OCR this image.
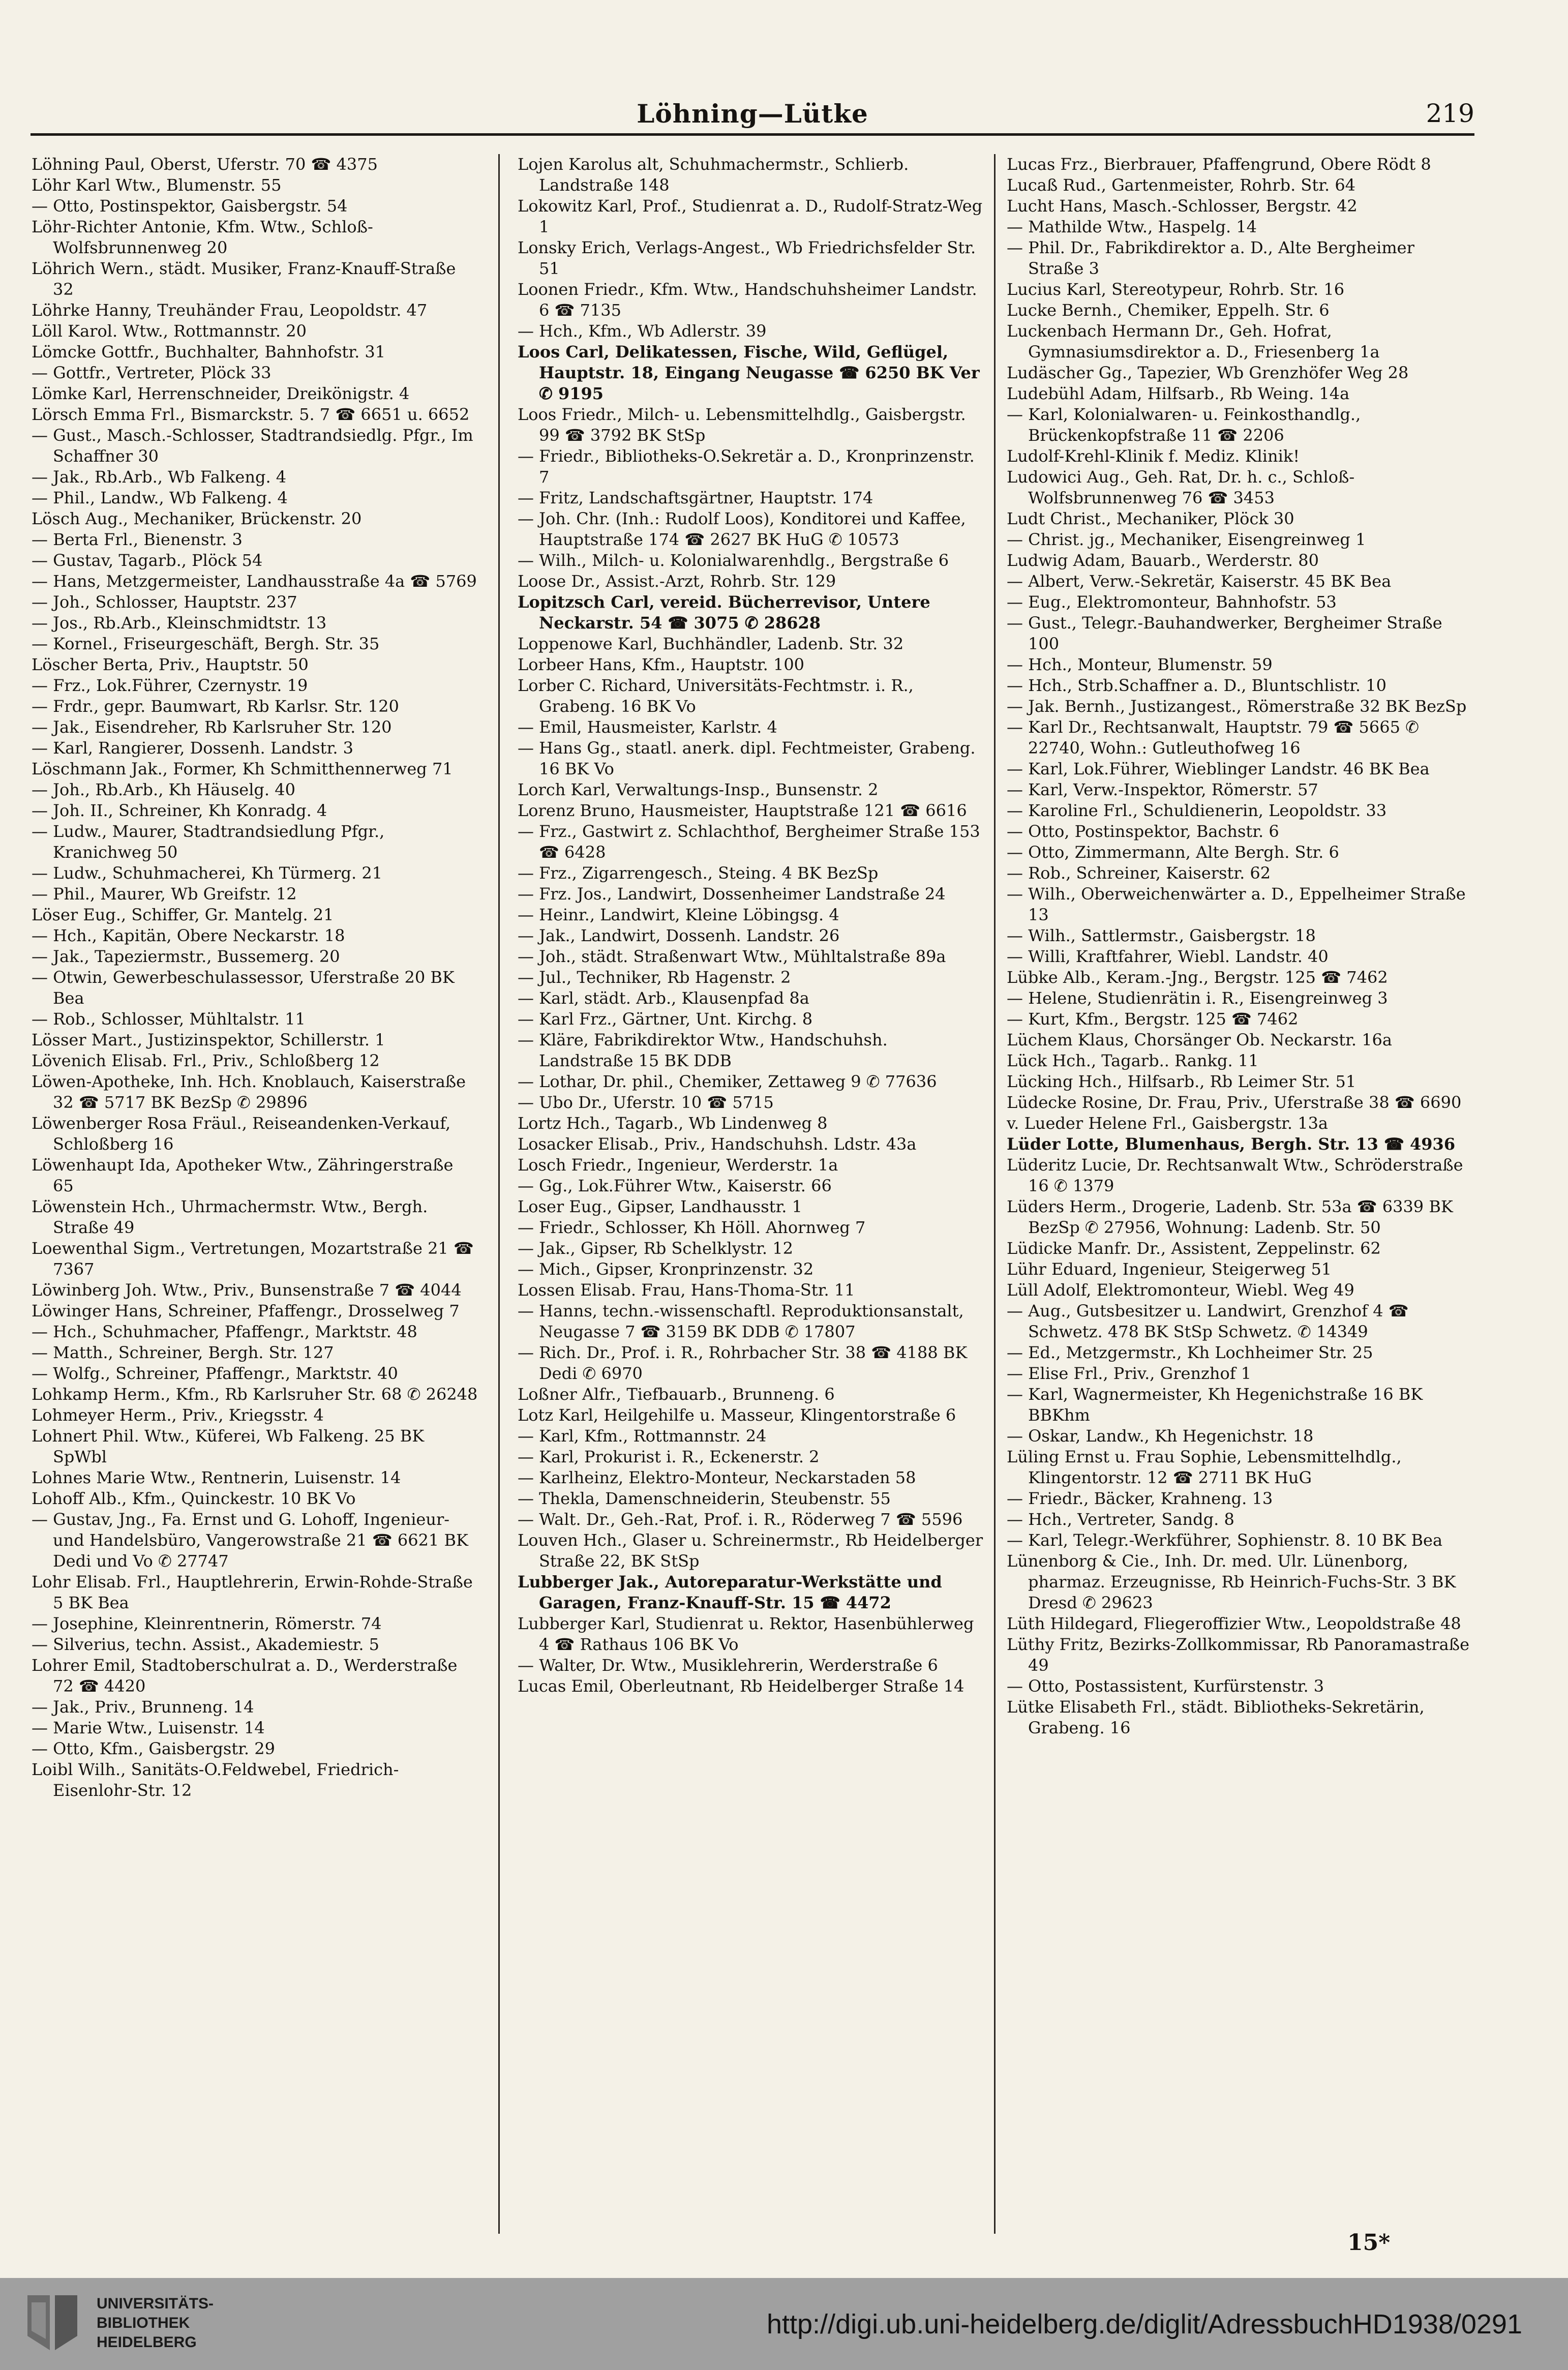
Löhning—Lütke	219

Löhning Paul, Oberst, Uferstr. 70 ☎ 4375

Löhr Karl Wtw., Blumenstr. 55

— Otto, Postinspektor, Gaisbergstr. 54

Löhr-Richter Antonie, Kfm. Wtw., Schloß-Wolfsbrunnenweg 20

Löhrich Wern., städt. Musiker, Franz-Knauff-Straße 32

Löhrke Hanny, Treuhänder Frau, Leopoldstr. 47

Löll Karol. Wtw., Rottmannstr. 20

Lömcke Gottfr., Buchhalter, Bahnhofstr. 31

— Gottfr., Vertreter, Plöck 33

Lömke Karl, Herrenschneider, Dreikönigstr. 4

Lörsch Emma Frl., Bismarckstr. 5. 7 ☎ 6651 u. 6652

— Gust., Masch.-Schlosser, Stadtrandsiedlg. Pfgr., Im Schaffner 30

— Jak., Rb.Arb., Wb Falkeng. 4

— Phil., Landw., Wb Falkeng. 4

Lösch Aug., Mechaniker, Brückenstr. 20

— Berta Frl., Bienenstr. 3

— Gustav, Tagarb., Plöck 54

— Hans, Metzgermeister, Landhausstraße 4a ☎ 5769

— Joh., Schlosser, Hauptstr. 237

— Jos., Rb.Arb., Kleinschmidtstr. 13

— Kornel., Friseurgeschäft, Bergh. Str. 35

Löscher Berta, Priv., Hauptstr. 50

— Frz., Lok.Führer, Czernystr. 19

— Frdr., gepr. Baumwart, Rb Karlsr. Str. 120

— Jak., Eisendreher, Rb Karlsruher Str. 120

— Karl, Rangierer, Dossenh. Landstr. 3

Löschmann Jak., Former, Kh Schmitthennerweg 71

— Joh., Rb.Arb., Kh Häuselg. 40

— Joh. II., Schreiner, Kh Konradg. 4

— Ludw., Maurer, Stadtrandsiedlung Pfgr., Kranichweg 50

— Ludw., Schuhmacherei, Kh Türmerg. 21

— Phil., Maurer, Wb Greifstr. 12

Löser Eug., Schiffer, Gr. Mantelg. 21

— Hch., Kapitän, Obere Neckarstr. 18

— Jak., Tapeziermstr., Bussemerg. 20

— Otwin, Gewerbeschulassessor, Uferstraße 20 BK Bea

— Rob., Schlosser, Mühltalstr. 11

Lösser Mart., Justizinspektor, Schillerstr. 1

Lövenich Elisab. Frl., Priv., Schloßberg 12

Löwen-Apotheke, Inh. Hch. Knoblauch, Kaiserstraße 32 ☎ 5717 BK BezSp ✆ 29896

Löwenberger Rosa Fräul., Reiseandenken-Verkauf, Schloßberg 16

Löwenhaupt Ida, Apotheker Wtw., Zähringerstraße 65

Löwenstein Hch., Uhrmachermstr. Wtw., Bergh. Straße 49

Loewenthal Sigm., Vertretungen, Mozartstraße 21 ☎ 7367

Löwinberg Joh. Wtw., Priv., Bunsenstraße 7 ☎ 4044

Löwinger Hans, Schreiner, Pfaffengr., Drosselweg 7

— Hch., Schuhmacher, Pfaffengr., Marktstr. 48

— Matth., Schreiner, Bergh. Str. 127

— Wolfg., Schreiner, Pfaffengr., Marktstr. 40

Lohkamp Herm., Kfm., Rb Karlsruher Str. 68 ✆ 26248

Lohmeyer Herm., Priv., Kriegsstr. 4

Lohnert Phil. Wtw., Küferei, Wb Falkeng. 25 BK SpWbl

Lohnes Marie Wtw., Rentnerin, Luisenstr. 14

Lohoff Alb., Kfm., Quinckestr. 10 BK Vo

— Gustav, Jng., Fa. Ernst und G. Lohoff, Ingenieur- und Handelsbüro, Vangerowstraße 21 ☎ 6621 BK Dedi und Vo ✆ 27747

Lohr Elisab. Frl., Hauptlehrerin, Erwin-Rohde-Straße 5 BK Bea

— Josephine, Kleinrentnerin, Römerstr. 74

— Silverius, techn. Assist., Akademiestr. 5

Lohrer Emil, Stadtoberschulrat a. D., Werderstraße 72 ☎ 4420

— Jak., Priv., Brunneng. 14

— Marie Wtw., Luisenstr. 14

— Otto, Kfm., Gaisbergstr. 29

Loibl Wilh., Sanitäts-O.Feldwebel, Friedrich-Eisenlohr-Str. 12

Lojen Karolus alt, Schuhmachermstr., Schlierb. Landstraße 148

Lokowitz Karl, Prof., Studienrat a. D., Rudolf-Stratz-Weg 1

Lonsky Erich, Verlags-Angest., Wb Friedrichsfelder Str. 51

Loonen Friedr., Kfm. Wtw., Handschuhsheimer Landstr. 6 ☎ 7135

— Hch., Kfm., Wb Adlerstr. 39

Loos Carl, Delikatessen, Fische, Wild, Geflügel, Hauptstr. 18, Eingang Neugasse ☎ 6250 BK Ver ✆ 9195

Loos Friedr., Milch- u. Lebensmittelhdlg., Gaisbergstr. 99 ☎ 3792 BK StSp

— Friedr., Bibliotheks-O.Sekretär a. D., Kronprinzenstr. 7

— Fritz, Landschaftsgärtner, Hauptstr. 174

— Joh. Chr. (Inh.: Rudolf Loos), Konditorei und Kaffee, Hauptstraße 174 ☎ 2627 BK HuG ✆ 10573

— Wilh., Milch- u. Kolonialwarenhdlg., Bergstraße 6

Loose Dr., Assist.-Arzt, Rohrb. Str. 129

Lopitzsch Carl, vereid. Bücherrevisor, Untere Neckarstr. 54 ☎ 3075 ✆ 28628

Loppenowe Karl, Buchhändler, Ladenb. Str. 32

Lorbeer Hans, Kfm., Hauptstr. 100

Lorber C. Richard, Universitäts-Fechtmstr. i. R., Grabeng. 16 BK Vo

— Emil, Hausmeister, Karlstr. 4

— Hans Gg., staatl. anerk. dipl. Fechtmeister, Grabeng. 16 BK Vo

Lorch Karl, Verwaltungs-Insp., Bunsenstr. 2

Lorenz Bruno, Hausmeister, Hauptstraße 121 ☎ 6616

— Frz., Gastwirt z. Schlachthof, Bergheimer Straße 153 ☎ 6428

— Frz., Zigarrengesch., Steing. 4 BK BezSp

— Frz. Jos., Landwirt, Dossenheimer Landstraße 24

— Heinr., Landwirt, Kleine Löbingsg. 4

— Jak., Landwirt, Dossenh. Landstr. 26

— Joh., städt. Straßenwart Wtw., Mühltalstraße 89a

— Jul., Techniker, Rb Hagenstr. 2

— Karl, städt. Arb., Klausenpfad 8a

— Karl Frz., Gärtner, Unt. Kirchg. 8

— Kläre, Fabrikdirektor Wtw., Handschuhsh. Landstraße 15 BK DDB

— Lothar, Dr. phil., Chemiker, Zettaweg 9 ✆ 77636

— Ubo Dr., Uferstr. 10 ☎ 5715

Lortz Hch., Tagarb., Wb Lindenweg 8

Losacker Elisab., Priv., Handschuhsh. Ldstr. 43a

Losch Friedr., Ingenieur, Werderstr. 1a

— Gg., Lok.Führer Wtw., Kaiserstr. 66

Loser Eug., Gipser, Landhausstr. 1

— Friedr., Schlosser, Kh Höll. Ahornweg 7

— Jak., Gipser, Rb Schelklystr. 12

— Mich., Gipser, Kronprinzenstr. 32

Lossen Elisab. Frau, Hans-Thoma-Str. 11

— Hanns, techn.-wissenschaftl. Reproduktionsanstalt, Neugasse 7 ☎ 3159 BK DDB ✆ 17807

— Rich. Dr., Prof. i. R., Rohrbacher Str. 38 ☎ 4188 BK Dedi ✆ 6970

Loßner Alfr., Tiefbauarb., Brunneng. 6

Lotz Karl, Heilgehilfe u. Masseur, Klingentorstraße 6

— Karl, Kfm., Rottmannstr. 24

— Karl, Prokurist i. R., Eckenerstr. 2

— Karlheinz, Elektro-Monteur, Neckarstaden 58

— Thekla, Damenschneiderin, Steubenstr. 55

— Walt. Dr., Geh.-Rat, Prof. i. R., Röderweg 7 ☎ 5596

Louven Hch., Glaser u. Schreinermstr., Rb Heidelberger Straße 22, BK StSp

Lubberger Jak., Autoreparatur-Werkstätte und Garagen, Franz-Knauff-Str. 15 ☎ 4472

Lubberger Karl, Studienrat u. Rektor, Hasenbühlerweg 4 ☎ Rathaus 106 BK Vo

— Walter, Dr. Wtw., Musiklehrerin, Werderstraße 6

Lucas Emil, Oberleutnant, Rb Heidelberger Straße 14

Lucas Frz., Bierbrauer, Pfaffengrund, Obere Rödt 8

Lucaß Rud., Gartenmeister, Rohrb. Str. 64

Lucht Hans, Masch.-Schlosser, Bergstr. 42

— Mathilde Wtw., Haspelg. 14

— Phil. Dr., Fabrikdirektor a. D., Alte Bergheimer Straße 3

Lucius Karl, Stereotypeur, Rohrb. Str. 16

Lucke Bernh., Chemiker, Eppelh. Str. 6

Luckenbach Hermann Dr., Geh. Hofrat, Gymnasiumsdirektor a. D., Friesenberg 1a

Ludäscher Gg., Tapezier, Wb Grenzhöfer Weg 28

Ludebühl Adam, Hilfsarb., Rb Weing. 14a

— Karl, Kolonialwaren- u. Feinkosthandlg., Brückenkopfstraße 11 ☎ 2206

Ludolf-Krehl-Klinik f. Mediz. Klinik!

Ludowici Aug., Geh. Rat, Dr. h. c., Schloß-Wolfsbrunnenweg 76 ☎ 3453

Ludt Christ., Mechaniker, Plöck 30

— Christ. jg., Mechaniker, Eisengreinweg 1

Ludwig Adam, Bauarb., Werderstr. 80

— Albert, Verw.-Sekretär, Kaiserstr. 45 BK Bea

— Eug., Elektromonteur, Bahnhofstr. 53

— Gust., Telegr.-Bauhandwerker, Bergheimer Straße 100

— Hch., Monteur, Blumenstr. 59

— Hch., Strb.Schaffner a. D., Bluntschlistr. 10

— Jak. Bernh., Justizangest., Römerstraße 32 BK BezSp

— Karl Dr., Rechtsanwalt, Hauptstr. 79 ☎ 5665 ✆ 22740, Wohn.: Gutleuthofweg 16

— Karl, Lok.Führer, Wieblinger Landstr. 46 BK Bea

— Karl, Verw.-Inspektor, Römerstr. 57

— Karoline Frl., Schuldienerin, Leopoldstr. 33

— Otto, Postinspektor, Bachstr. 6

— Otto, Zimmermann, Alte Bergh. Str. 6

— Rob., Schreiner, Kaiserstr. 62

— Wilh., Oberweichenwärter a. D., Eppelheimer Straße 13

— Wilh., Sattlermstr., Gaisbergstr. 18

— Willi, Kraftfahrer, Wiebl. Landstr. 40

Lübke Alb., Keram.-Jng., Bergstr. 125 ☎ 7462

— Helene, Studienrätin i. R., Eisengreinweg 3

— Kurt, Kfm., Bergstr. 125 ☎ 7462

Lüchem Klaus, Chorsänger Ob. Neckarstr. 16a

Lück Hch., Tagarb.. Rankg. 11

Lücking Hch., Hilfsarb., Rb Leimer Str. 51

Lüdecke Rosine, Dr. Frau, Priv., Uferstraße 38 ☎ 6690

v. Lueder Helene Frl., Gaisbergstr. 13a

Lüder Lotte, Blumenhaus, Bergh. Str. 13 ☎ 4936

Lüderitz Lucie, Dr. Rechtsanwalt Wtw., Schröderstraße 16 ✆ 1379

Lüders Herm., Drogerie, Ladenb. Str. 53a ☎ 6339 BK BezSp ✆ 27956, Wohnung: Ladenb. Str. 50

Lüdicke Manfr. Dr., Assistent, Zeppelinstr. 62

Lühr Eduard, Ingenieur, Steigerweg 51

Lüll Adolf, Elektromonteur, Wiebl. Weg 49

— Aug., Gutsbesitzer u. Landwirt, Grenzhof 4 ☎ Schwetz. 478 BK StSp Schwetz. ✆ 14349

— Ed., Metzgermstr., Kh Lochheimer Str. 25

— Elise Frl., Priv., Grenzhof 1

— Karl, Wagnermeister, Kh Hegenichstraße 16 BK BBKhm

— Oskar, Landw., Kh Hegenichstr. 18

Lüling Ernst u. Frau Sophie, Lebensmittelhdlg., Klingentorstr. 12 ☎ 2711 BK HuG

— Friedr., Bäcker, Krahneng. 13

— Hch., Vertreter, Sandg. 8

— Karl, Telegr.-Werkführer, Sophienstr. 8. 10 BK Bea

Lünenborg & Cie., Inh. Dr. med. Ulr. Lünenborg, pharmaz. Erzeugnisse, Rb Heinrich-Fuchs-Str. 3 BK Dresd ✆ 29623

Lüth Hildegard, Fliegeroffizier Wtw., Leopoldstraße 48

Lüthy Fritz, Bezirks-Zollkommissar, Rb Panoramastraße 49

— Otto, Postassistent, Kurfürstenstr. 3

Lütke Elisabeth Frl., städt. Bibliotheks-Sekretärin, Grabeng. 16

15*
UNIVERSITÄTS-
BIBLIOTHEK
HEIDELBERG
http://digi.ub.uni-heidelberg.de/diglit/AdressbuchHD1938/0291
